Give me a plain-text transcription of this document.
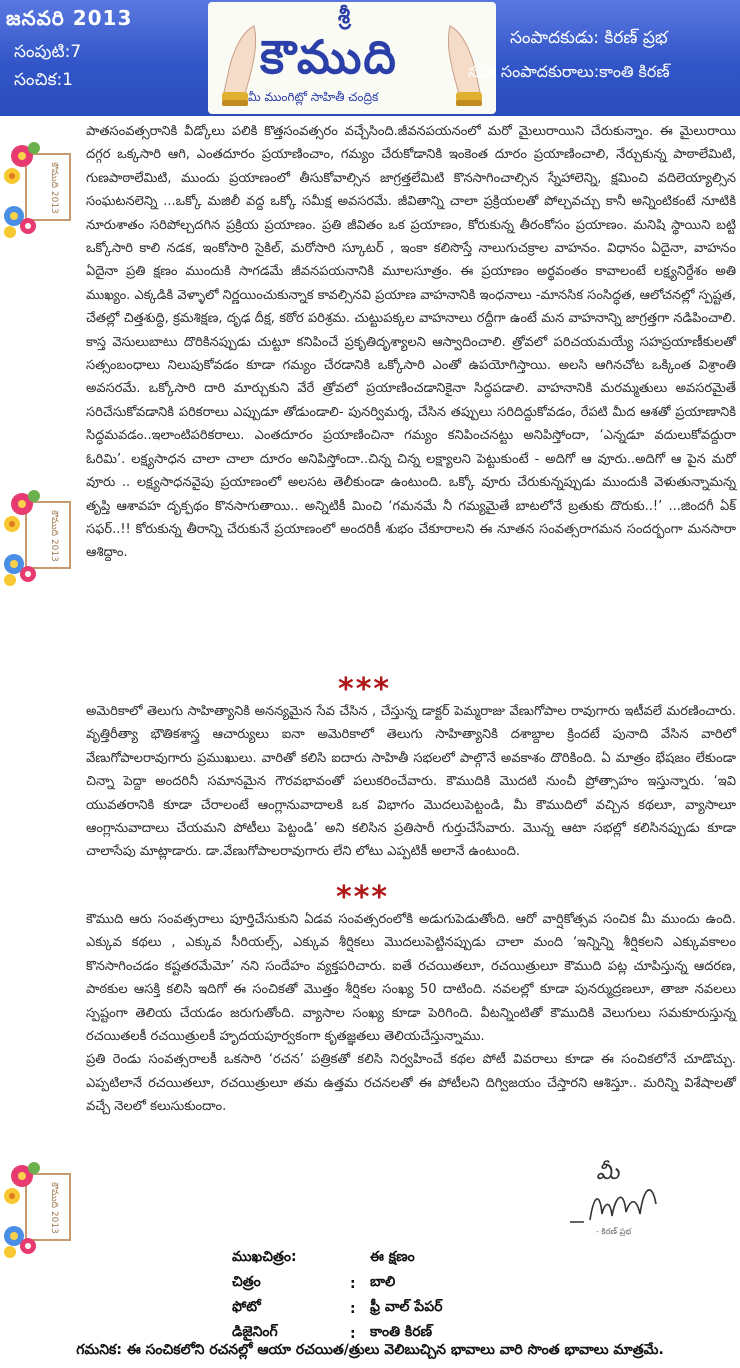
జనవరి 2013
సంపుటి:7
సంచిక:1
శ్రీ
కౌముది
మీ ముంగిట్లో సాహితీ చంద్రిక
సంపాదకుడు: కిరణ్ ప్రభ
సహ సంపాదకురాలు:కాంతి కిరణ్
కౌముది 2013
కౌముది 2013
కౌముది 2013

పాతసంవత్సరానికి వీడ్కోలు పలికి కొత్తసంవత్సరం వచ్చేసింది.జీవనపయనంలో మరో మైలురాయిని చేరుకున్నాం. ఈ మైలురాయి దగ్గర ఒక్కసారి ఆగి, ఎంతదూరం ప్రయాణించాం, గమ్యం చేరుకోడానికి ఇంకెంత దూరం ప్రయాణించాలి, నేర్చుకున్న పాఠాలేమిటి, గుణపాఠాలేమిటి, ముందు ప్రయాణంలో తీసుకోవాల్సిన జాగ్రత్తలేమిటి కొనసాగించాల్సిన స్నేహాలెన్ని, క్షమించి వదిలెయ్యాల్సిన సంఘటనలెన్ని ...ఒక్కో మజిలీ వద్ద ఒక్కో సమీక్ష అవసరమే. జీవితాన్ని చాలా ప్రక్రియలతో పోల్చవచ్చు కానీ అన్నింటికంటే నూటికి నూరుశాతం సరిపోల్చదగిన ప్రక్రియ ప్రయాణం. ప్రతి జీవితం ఒక ప్రయాణం, కోరుకున్న తీరంకోసం ప్రయాణం. మనిషి స్థాయిని బట్టి ఒక్కోసారి కాలి నడక, ఇంకోసారి సైకిల్, మరోసారి స్కూటర్ , ఇంకా కలిసొస్తే నాలుగుచక్రాల వాహనం. విధానం ఏదైనా, వాహనం ఏదైనా ప్రతి క్షణం ముందుకి సాగడమే జీవనపయనానికి మూలసూత్రం. ఈ ప్రయాణం అర్థవంతం కావాలంటే లక్ష్యనిర్దేశం అతి ముఖ్యం. ఎక్కడికి వెళ్ళాలో నిర్ణయించుకున్నాక కావల్సినవి ప్రయాణ వాహనానికి ఇంధనాలు -మానసిక సంసిద్ధత, ఆలోచనల్లో స్పష్టత, చేతల్లో చిత్తశుద్ధి, క్రమశిక్షణ, దృఢ దీక్ష, కఠోర పరిశ్రమ. చుట్టుపక్కల వాహనాలు రద్దీగా ఉంటే మన వాహనాన్ని జాగ్రత్తగా నడిపించాలి. కాస్త వెసులుబాటు దొరికినప్పుడు చుట్టూ కనిపించే ప్రకృతిదృశ్యాలని ఆస్వాదించాలి. త్రోవలో పరిచయమయ్యే సహప్రయాణీకులతో సత్సంబంధాలు నిలుపుకోవడం కూడా గమ్యం చేరడానికి ఒక్కోసారి ఎంతో ఉపయోగిస్తాయి. అలసి ఆగినచోట ఒక్కింత విశ్రాంతి అవసరమే. ఒక్కోసారి దారి మార్చుకుని వేరే త్రోవలో ప్రయాణించడానికైనా సిద్ధపడాలి. వాహనానికి మరమ్మతులు అవసరమైతే సరిచేసుకోవడానికి పరికరాలు ఎప్పుడూ తోడుండాలి- పునర్విమర్శ, చేసిన తప్పులు సరిదిద్దుకోవడం, రేపటి మీద ఆశతో ప్రయాణానికి సిద్ధమవడం..ఇలాంటిపరికరాలు. ఎంతదూరం ప్రయాణించినా గమ్యం కనిపించనట్టు అనిపిస్తోందా, ‘ఎన్నడూ వదులుకోవద్దురా ఓరిమి’. లక్ష్యసాధన చాలా చాలా దూరం అనిపిస్తోందా..చిన్న చిన్న లక్ష్యాలని పెట్టుకుంటే - అదిగో ఆ వూరు..అదిగో ఆ పైన మరో వూరు .. లక్ష్యసాధనవైపు ప్రయాణంలో అలసట తెలీకుండా ఉంటుంది. ఒక్కో వూరు చేరుకున్నప్పుడు ముందుకి వెళుతున్నామన్న తృప్తి ఆశావహ దృక్పథం కొనసాగుతాయి.. అన్నిటికీ మించి ‘గమనమే నీ గమ్యమైతే బాటలోనే బ్రతుకు దొరుకు..!’ ...జిందగీ ఏక్ సఫర్..!! కోరుకున్న తీరాన్ని చేరుకునే ప్రయాణంలో అందరికీ శుభం చేకూరాలని ఈ నూతన సంవత్సరాగమన సందర్భంగా మనసారా ఆశిద్దాం.

***

అమెరికాలో తెలుగు సాహిత్యానికి అనన్యమైన సేవ చేసిన , చేస్తున్న డాక్టర్ పెమ్మరాజు వేణుగోపాల రావుగారు ఇటీవలే మరణించారు. వృత్తిరీత్యా భౌతికశాస్త్ర ఆచార్యులు ఐనా అమెరికాలో తెలుగు సాహిత్యానికి దశాబ్దాల క్రిందటే పునాది వేసిన వారిలో వేణుగోపాలరావుగారు ప్రముఖులు. వారితో కలిసి ఐదారు సాహితీ సభలలో పాల్గొనే అవకాశం దొరికింది. ఏ మాత్రం భేషజం లేకుండా చిన్నా పెద్దా అందరినీ సమానమైన గౌరవభావంతో పలుకరించేవారు. కౌముదికి మొదటి నుంచీ ప్రోత్సాహం ఇస్తున్నారు. ‘ఇవి యువతరానికి కూడా చేరాలంటే ఆంగ్లానువాదాలకి ఒక విభాగం మొదలుపెట్టండి, మీ కౌముదిలో వచ్చిన కథలూ, వ్యాసాలూ ఆంగ్లానువాదాలు చేయమని పోటీలు పెట్టండి’ అని కలిసిన ప్రతిసారీ గుర్తుచేసేవారు. మొన్న ఆటా సభల్లో కలిసినప్పుడు కూడా చాలాసేపు మాట్లాడారు. డా.వేణుగోపాలరావుగారు లేని లోటు ఎప్పటికీ అలానే ఉంటుంది.

***

కౌముది ఆరు సంవత్సరాలు పూర్తిచేసుకుని ఏడవ సంవత్సరంలోకి అడుగుపెడుతోంది. ఆరో వార్షికోత్సవ సంచిక మీ ముందు ఉంది. ఎక్కువ కథలు , ఎక్కువ సీరియల్స్, ఎక్కువ శీర్షికలు మొదలుపెట్టినప్పుడు చాలా మంది ‘ఇన్నిన్ని శీర్షికలని ఎక్కువకాలం కొనసాగించడం కష్టతరమేమో’ నని సందేహం వ్యక్తపరిచారు. ఐతే రచయితలూ, రచయిత్రులూ కౌముది పట్ల చూపిస్తున్న ఆదరణ, పాఠకుల ఆసక్తి కలిసి ఇదిగో ఈ సంచికతో మొత్తం శీర్షికల సంఖ్య 50 దాటింది. నవలల్లో కూడా పునర్ముద్రణలూ, తాజా నవలలు స్పష్టంగా తెలియ చేయడం జరుగుతోంది. వ్యాసాల సంఖ్య కూడా పెరిగింది. వీటన్నింటితో కౌముదికి వెలుగులు సమకూరుస్తున్న రచయితలకీ రచయిత్రులకీ హృదయపూర్వకంగా కృతజ్ఞతలు తెలియచేస్తున్నాము.

ప్రతి రెండు సంవత్సరాలకీ ఒకసారి ‘రచన’ పత్రికతో కలిసి నిర్వహించే కథల పోటీ వివరాలు కూడా ఈ సంచికలోనే చూడొచ్చు. ఎప్పటిలానే రచయితలూ, రచయిత్రులూ తమ ఉత్తమ రచనలతో ఈ పోటీలని దిగ్విజయం చేస్తారని ఆశిస్తూ.. మరిన్ని విశేషాలతో వచ్చే నెలలో కలుసుకుందాం.

మీ
- కిరణ్ ప్రభ
ముఖచిత్రం:	ఈ క్షణం
చిత్రం	:	బాలి
ఫోటో	:	ఫ్రీ వాల్ పేపర్
డిజైనింగ్	:	కాంతి కిరణ్
గమనిక: ఈ సంచికలోని రచనల్లో ఆయా రచయిత/త్రులు వెలిబుచ్చిన భావాలు వారి సొంత భావాలు మాత్రమే.
